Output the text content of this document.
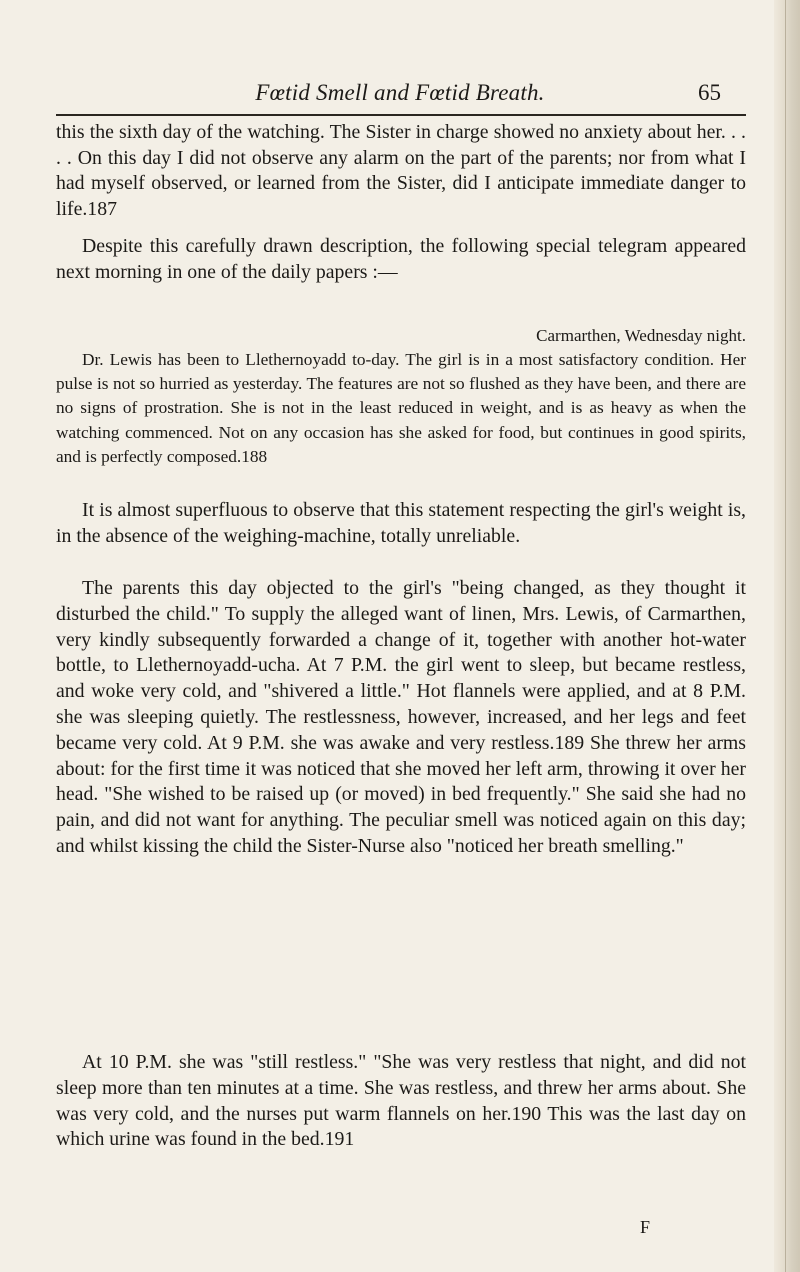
Fœtid Smell and Fœtid Breath.	65

this the sixth day of the watching. The Sister in charge showed no anxiety about her. . . . . On this day I did not observe any alarm on the part of the parents; nor from what I had myself observed, or learned from the Sister, did I anticipate immediate danger to life.187

Despite this carefully drawn description, the following special telegram appeared next morning in one of the daily papers :—

Carmarthen, Wednesday night.

Dr. Lewis has been to Llethernoyadd to-day. The girl is in a most satisfactory condition. Her pulse is not so hurried as yesterday. The features are not so flushed as they have been, and there are no signs of prostration. She is not in the least reduced in weight, and is as heavy as when the watching commenced. Not on any occasion has she asked for food, but continues in good spirits, and is perfectly composed.188

It is almost superfluous to observe that this statement respecting the girl's weight is, in the absence of the weighing-machine, totally unreliable.

The parents this day objected to the girl's "being changed, as they thought it disturbed the child." To supply the alleged want of linen, Mrs. Lewis, of Carmarthen, very kindly subsequently forwarded a change of it, together with another hot-water bottle, to Llethernoyadd-ucha. At 7 P.M. the girl went to sleep, but became restless, and woke very cold, and "shivered a little." Hot flannels were applied, and at 8 P.M. she was sleeping quietly. The restlessness, however, increased, and her legs and feet became very cold. At 9 P.M. she was awake and very restless.189 She threw her arms about: for the first time it was noticed that she moved her left arm, throwing it over her head. "She wished to be raised up (or moved) in bed frequently." She said she had no pain, and did not want for anything. The peculiar smell was noticed again on this day; and whilst kissing the child the Sister-Nurse also "noticed her breath smelling."

At 10 P.M. she was "still restless." "She was very restless that night, and did not sleep more than ten minutes at a time. She was restless, and threw her arms about. She was very cold, and the nurses put warm flannels on her.190 This was the last day on which urine was found in the bed.191

F
